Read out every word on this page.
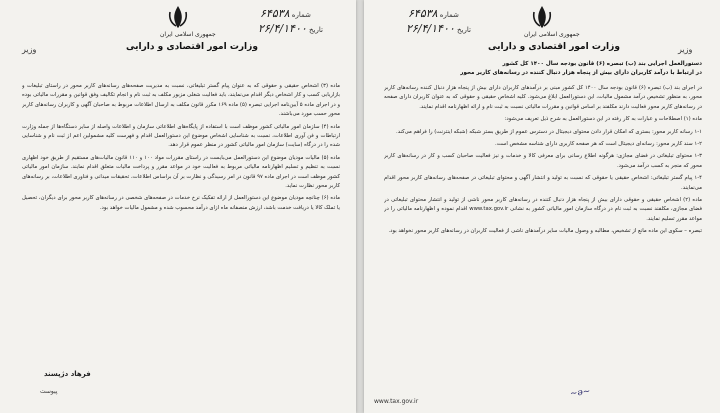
جمهوری اسلامی ایران
وزارت امور اقتصادی و دارایی
وزیر
شماره ۶۴۵۳۸
تاریخ ۲۶/۴/۱۴۰۰

ماده (۳) اشخاص حقیقی و حقوقی که به عنوان پیام گستر تبلیغاتی، نسبت به مدیریت صفحه‌های رسانه‌های کاربر محور در راستای تبلیغات و بازاریابی کسب و کار اشخاص دیگر اقدام می‌نمایند، باید فعالیت شغلی مزبور مکلف به ثبت نام و انجام تکالیف وفق قوانین و مقررات مالیاتی بوده و در اجرای ماده ۵ آیین‌نامه اجرایی تبصره (۵) ماده ۱۶۹ مکرر قانون مکلف به ارسال اطلاعات مربوط به صاحبان آگهی و کاربران رسانه‌های کاربر محور حسب مورد می‌باشند.

ماده (۴) سازمان امور مالیاتی کشور موظف است با استفاده از پایگاه‌های اطلاعاتی سازمان و اطلاعات واصله از سایر دستگاه‌ها از جمله وزارت ارتباطات و فن آوری اطلاعات، نسبت به شناسایی اشخاص موضوع این دستورالعمل اقدام و فهرست کلیه مشمولین اعم از ثبت نام و شناسایی شده را در درگاه (سایت) سازمان امور مالیاتی کشور در منظر عموم قرار دهد.

ماده (۵) مالیات مودیان موضوع این دستورالعمل می‌بایست در راستای مقررات مواد ۱۰۰ و ۱۱۰ قانون مالیات‌های مستقیم از طریق خود اظهاری نسبت به تنظیم و تسلیم اظهارنامه مالیاتی مربوط به فعالیت خود در مواعد مقرر و پرداخت مالیات متعلق اقدام نمایند. سازمان امور مالیاتی کشور موظف است در اجرای ماده ۹۷ قانون در امر رسیدگی و نظارت بر آن براساس اطلاعات، تحقیقات میدانی و فناوری اطلاعات، بر رسانه‌های کاربر محور نظارت نماید.

ماده (۶) چنانچه مودیان موضوع این دستورالعمل از ارائه تفکیک نرخ خدمات در صفحه‌های شخصی در رسانه‌های کاربر محور برای دیگران، تحصیل یا تملک کالا یا دریافت خدمت باشد، ارزش منصفانه ماه ازای درآمد محسوب شده و مشمول مالیات خواهد بود.

فرهاد دژپسند
پیوست
جمهوری اسلامی ایران
وزارت امور اقتصادی و دارایی	وزیر
شماره ۶۴۵۳۸
تاریخ ۲۶/۴/۱۴۰۰
دستورالعمل اجرایی بند (ب) تبصره (۶) قانون بودجه سال ۱۴۰۰ کل کشور
در ارتباط با درآمد کاربران دارای بیش از پنجاه هزار دنبال کننده در رسانه‌های کاربر محور

در اجرای بند (ب) تبصره (۶) قانون بودجه سال ۱۴۰۰ کل کشور مبنی بر درآمدهای کاربران دارای بیش از پنجاه هزار دنبال کننده رسانه‌های کاربر محور، به منظور تشخیص درآمد مشمول مالیات، این دستورالعمل ابلاغ می‌شود. کلیه اشخاص حقیقی و حقوقی که به عنوان کاربران دارای صفحه در رسانه‌های کاربر محور فعالیت دارند مکلفند بر اساس قوانین و مقررات مالیاتی نسبت به ثبت نام و ارائه اظهارنامه اقدام نمایند.

ماده (۱) اصطلاحات و عبارات به کار رفته در این دستورالعمل به شرح ذیل تعریف می‌شود:

۱-۱ رسانه کاربر محور: بستری که امکان قرار دادن محتوای دیجیتال در دسترس عموم از طریق بستر شبکه (شبکه اینترنت) را فراهم می‌کند.

۱-۲ سند کاربر محور: رسانه‌ای دیجیتال است که هر صفحه کاربری دارای شناسه مشخص است.

۱-۳ محتوای تبلیغاتی در فضای مجازی: هرگونه اطلاع رسانی برای معرفی کالا و خدمات و نیز فعالیت صاحبان کسب و کار در رسانه‌های کاربر محور که منجر به کسب درآمد می‌شود.

۱-۴ پیام گستر تبلیغاتی: اشخاص حقیقی یا حقوقی که نسبت به تولید و انتشار آگهی و محتوای تبلیغاتی در صفحه‌های رسانه‌های کاربر محور اقدام می‌نمایند.

ماده (۲) اشخاص حقیقی و حقوقی دارای بیش از پنجاه هزار دنبال کننده در رسانه‌های کاربر محور ناشی از تولید و انتشار محتوای تبلیغاتی در فضای مجازی، مکلفند نسبت به ثبت نام در درگاه سازمان امور مالیاتی کشور به نشانی www.tax.gov.ir اقدام نموده و اظهارنامه مالیاتی را در مواعد مقرر تسلیم نمایند.

تبصره – سکوی این ماده مانع از تشخیص، مطالبه و وصول مالیات سایر درآمدهای ناشی از فعالیت کاربران در رسانه‌های کاربر محور نخواهد بود.

www.tax.gov.ir
~ǝ~
